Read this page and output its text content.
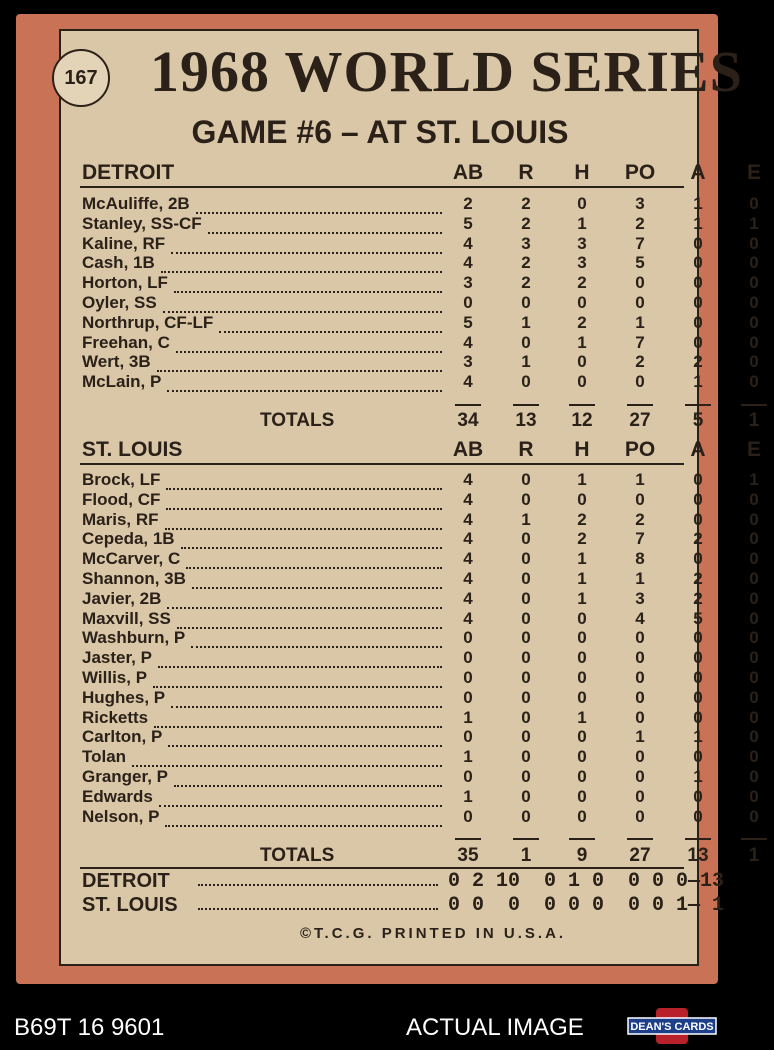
167 1968 WORLD SERIES
GAME #6 – AT ST. LOUIS
DETROIT	AB	R	H	PO	A	E
McAuliffe, 2B	2	2	0	3	1	0
Stanley, SS-CF	5	2	1	2	1	1
Kaline, RF	4	3	3	7	0	0
Cash, 1B	4	2	3	5	0	0
Horton, LF	3	2	2	0	0	0
Oyler, SS	0	0	0	0	0	0
Northrup, CF-LF	5	1	2	1	0	0
Freehan, C	4	0	1	7	0	0
Wert, 3B	3	1	0	2	2	0
McLain, P	4	0	0	0	1	0
TOTALS	34	13	12	27	5	1
ST. LOUIS	AB	R	H	PO	A	E
Brock, LF	4	0	1	1	0	1
Flood, CF	4	0	0	0	0	0
Maris, RF	4	1	2	2	0	0
Cepeda, 1B	4	0	2	7	2	0
McCarver, C	4	0	1	8	0	0
Shannon, 3B	4	0	1	1	2	0
Javier, 2B	4	0	1	3	2	0
Maxvill, SS	4	0	0	4	5	0
Washburn, P	0	0	0	0	0	0
Jaster, P	0	0	0	0	0	0
Willis, P	0	0	0	0	0	0
Hughes, P	0	0	0	0	0	0
Ricketts	1	0	1	0	0	0
Carlton, P	0	0	0	1	1	0
Tolan	1	0	0	0	0	0
Granger, P	0	0	0	0	1	0
Edwards	1	0	0	0	0	0
Nelson, P	0	0	0	0	0	0
TOTALS	35	1	9	27	13	1
DETROIT	0 2 10  0 1 0  0 0 0—13
ST. LOUIS	0 0  0  0 0 0  0 0 1— 1
©T.C.G. PRINTED IN U.S.A.
B69T 16 9601	ACTUAL IMAGE	DEAN'S CARDS
